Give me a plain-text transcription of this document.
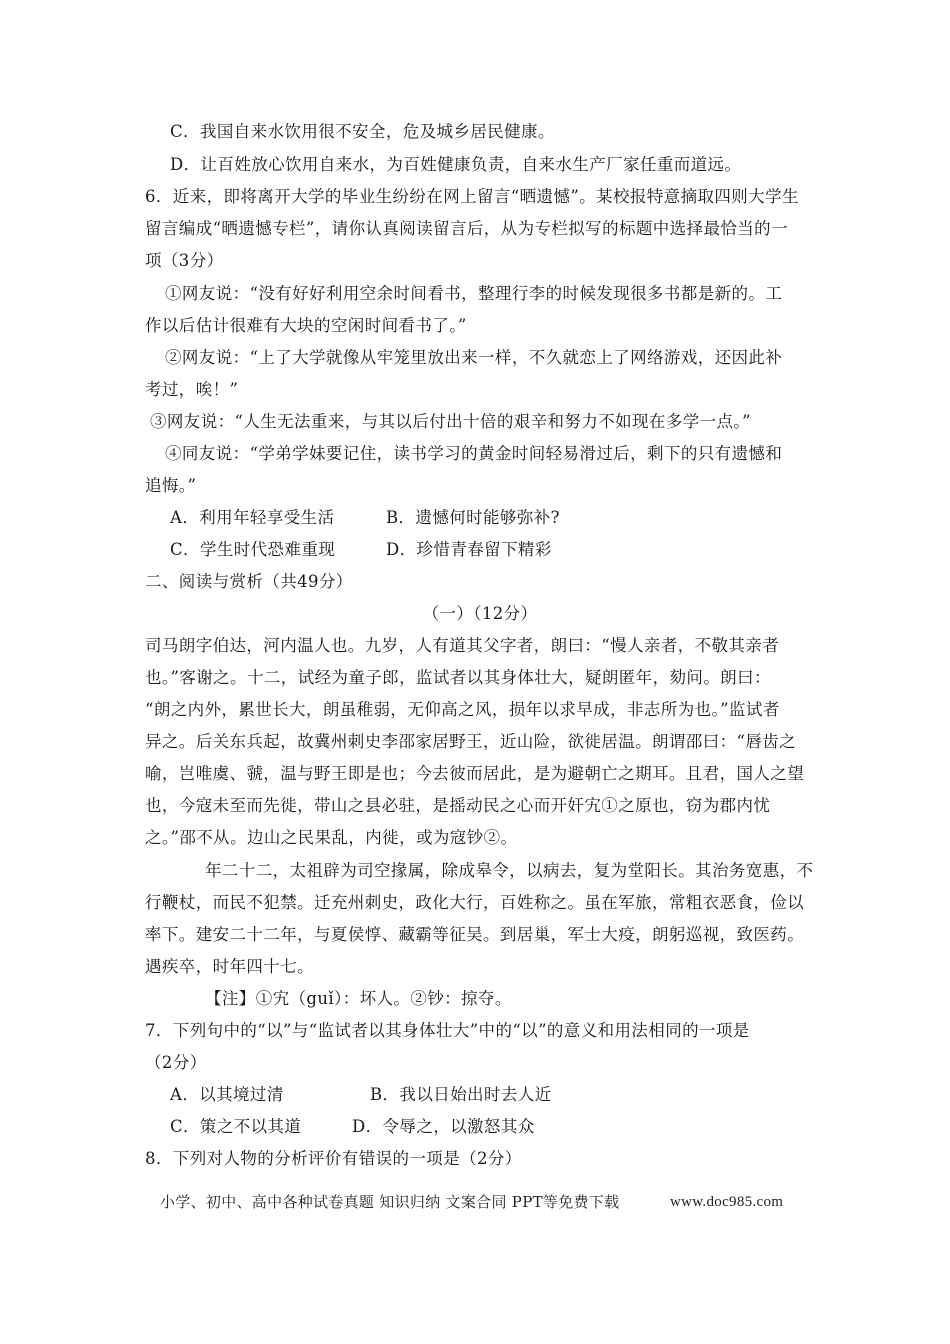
C．我国自来水饮用很不安全，危及城乡居民健康。
D．让百姓放心饮用自来水，为百姓健康负责，自来水生产厂家任重而道远。
6．近来，即将离开大学的毕业生纷纷在网上留言“晒遗憾”。某校报特意摘取四则大学生
留言编成“晒遗憾专栏”，请你认真阅读留言后，从为专栏拟写的标题中选择最恰当的一
项（3分）
①网友说：“没有好好利用空余时间看书，整理行李的时候发现很多书都是新的。工
作以后估计很难有大块的空闲时间看书了。”
②网友说：“上了大学就像从牢笼里放出来一样，不久就恋上了网络游戏，还因此补
考过，唉！”
③网友说：“人生无法重来，与其以后付出十倍的艰辛和努力不如现在多学一点。”
④同友说：“学弟学妹要记住，读书学习的黄金时间轻易滑过后，剩下的只有遗憾和
追悔。”
A．利用年轻享受生活	B．遗憾何时能够弥补?
C．学生时代恐难重现	D．珍惜青春留下精彩
二、阅读与赏析（共49分）
（一）（12分）
司马朗字伯达，河内温人也。九岁，人有道其父字者，朗曰：“慢人亲者，不敬其亲者
也。”客谢之。十二，试经为童子郎，监试者以其身体壮大，疑朗匿年，劾问。朗曰：
“朗之内外，累世长大，朗虽稚弱，无仰高之风，损年以求早成，非志所为也。”监试者
异之。后关东兵起，故冀州刺史李邵家居野王，近山险，欲徙居温。朗谓邵曰：“唇齿之
喻，岂唯虞、虢，温与野王即是也；今去彼而居此，是为避朝亡之期耳。且君，国人之望
也，今寇未至而先徙，带山之县必驻，是摇动民之心而开奸宄①之原也，窃为郡内忧
之。”邵不从。边山之民果乱，内徙，或为寇钞②。
年二十二，太祖辟为司空掾属，除成皋令，以病去，复为堂阳长。其治务宽惠，不
行鞭杖，而民不犯禁。迁充州刺史，政化大行，百姓称之。虽在军旅，常粗衣恶食，俭以
率下。建安二十二年，与夏侯惇、藏霸等征吴。到居巢，军士大疫，朗躬巡视，致医药。
遇疾卒，时年四十七。
【注】①宄（guǐ）：坏人。②钞：掠夺。
7．下列句中的“以”与“监试者以其身体壮大”中的“以”的意义和用法相同的一项是
（2分）
A．以其境过清	B．我以日始出时去人近
C．策之不以其道	D．令辱之，以激怒其众
8．下列对人物的分析评价有错误的一项是（2分）
小学、初中、高中各种试卷真题 知识归纳 文案合同 PPT等免费下载	www.doc985.com
